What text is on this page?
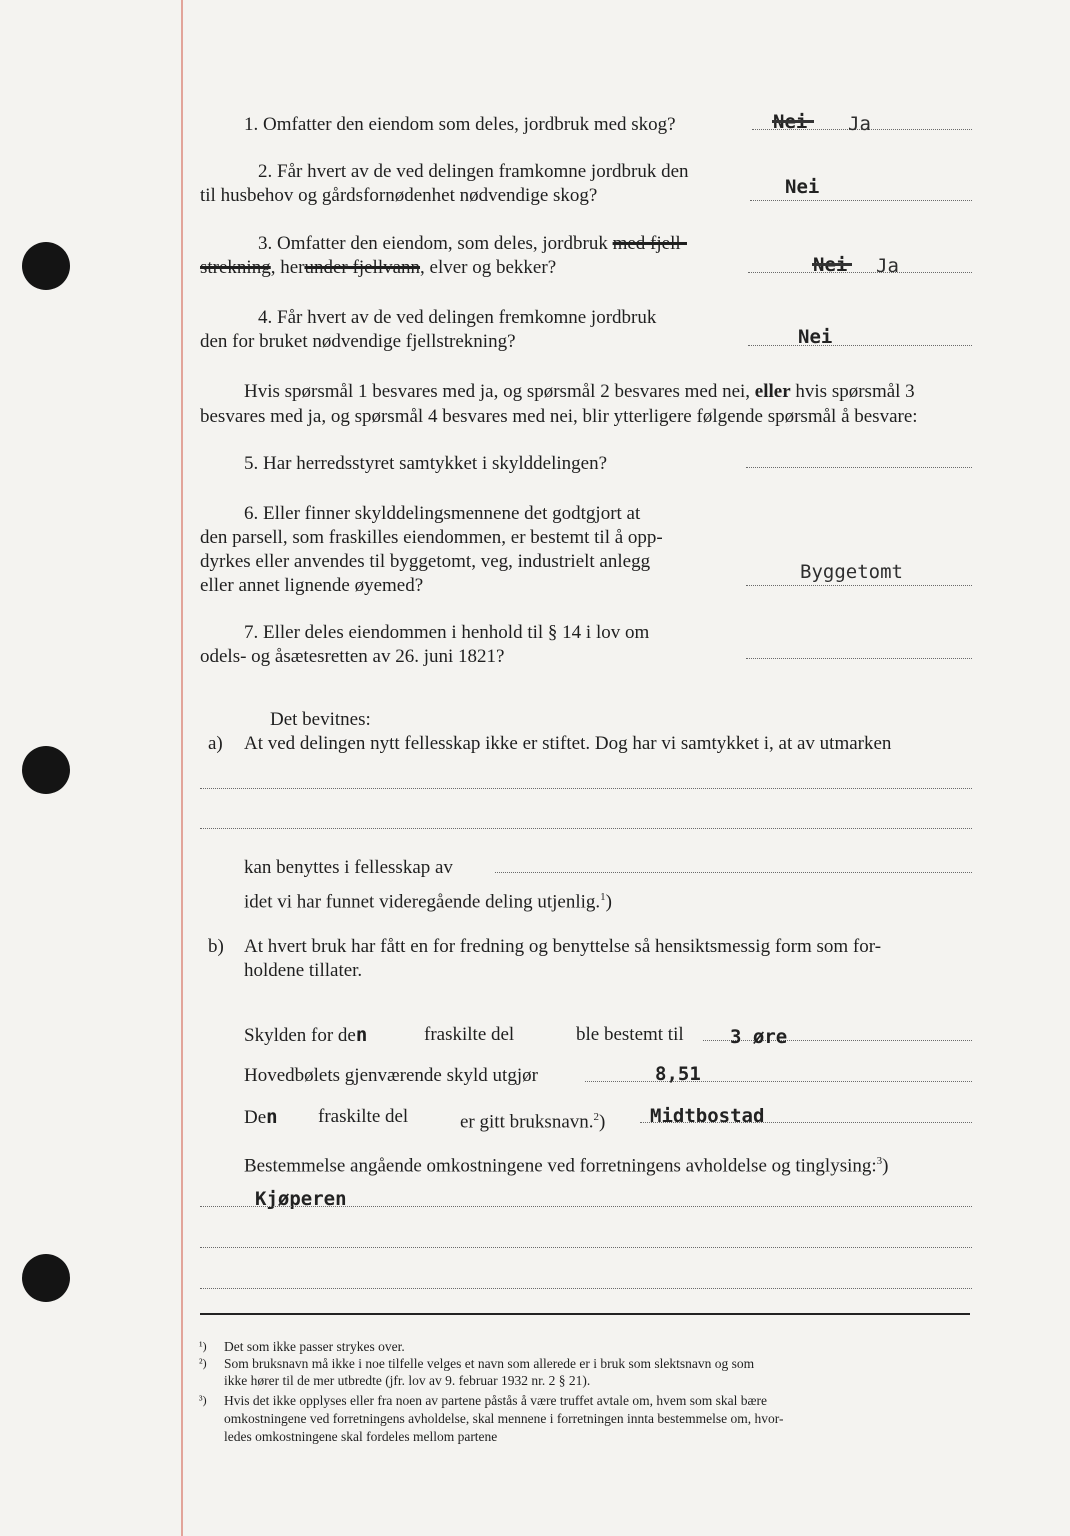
1. Omfatter den eiendom som deles, jordbruk med skog?	Ja
2. Får hvert av de ved delingen framkomne jordbruk den
til husbehov og gårdsfornødenhet nødvendige skog?	Nei
3. Omfatter den eiendom, som deles, jordbruk med fjell-
strekning, herunder fjellvann, elver og bekker?	Ja
4. Får hvert av de ved delingen fremkomne jordbruk
den for bruket nødvendige fjellstrekning?	Nei
Hvis spørsmål 1 besvares med ja, og spørsmål 2 besvares med nei, eller hvis spørsmål 3
besvares med ja, og spørsmål 4 besvares med nei, blir ytterligere følgende spørsmål å besvare:
5. Har herredsstyret samtykket i skylddelingen?
6. Eller finner skylddelingsmennene det godtgjort at
den parsell, som fraskilles eiendommen, er bestemt til å opp-
dyrkes eller anvendes til byggetomt, veg, industrielt anlegg
eller annet lignende øyemed?
Byggetomt
7. Eller deles eiendommen i henhold til § 14 i lov om
odels- og åsætesretten av 26. juni 1821?
Det bevitnes:
a) At ved delingen nytt fellesskap ikke er stiftet. Dog har vi samtykket i, at av utmarken
kan benyttes i fellesskap av
idet vi har funnet videregående deling utjenlig.$^1$)
b) At hvert bruk har fått en for fredning og benyttelse så hensiktsmessig form som for-
holdene tillater.
Skylden for den	fraskilte del	ble bestemt til 3 øre
Hovedbølets gjenværende skyld utgjør	8,51
Den fraskilte del	er gitt bruksnavn.$^2$) Midtbostad
Bestemmelse angående omkostningene ved forretningens avholdelse og tinglysing:$^3$)
Kjøperen
¹) Det som ikke passer strykes over.
²) Som bruksnavn må ikke i noe tilfelle velges et navn som allerede er i bruk som slektsnavn og som
ikke hører til de mer utbredte (jfr. lov av 9. februar 1932 nr. 2 § 21).
³) Hvis det ikke opplyses eller fra noen av partene påstås å være truffet avtale om, hvem som skal bære
omkostningene ved forretningens avholdelse, skal mennene i forretningen innta bestemmelse om, hvor-
ledes omkostningene skal fordeles mellom partene
